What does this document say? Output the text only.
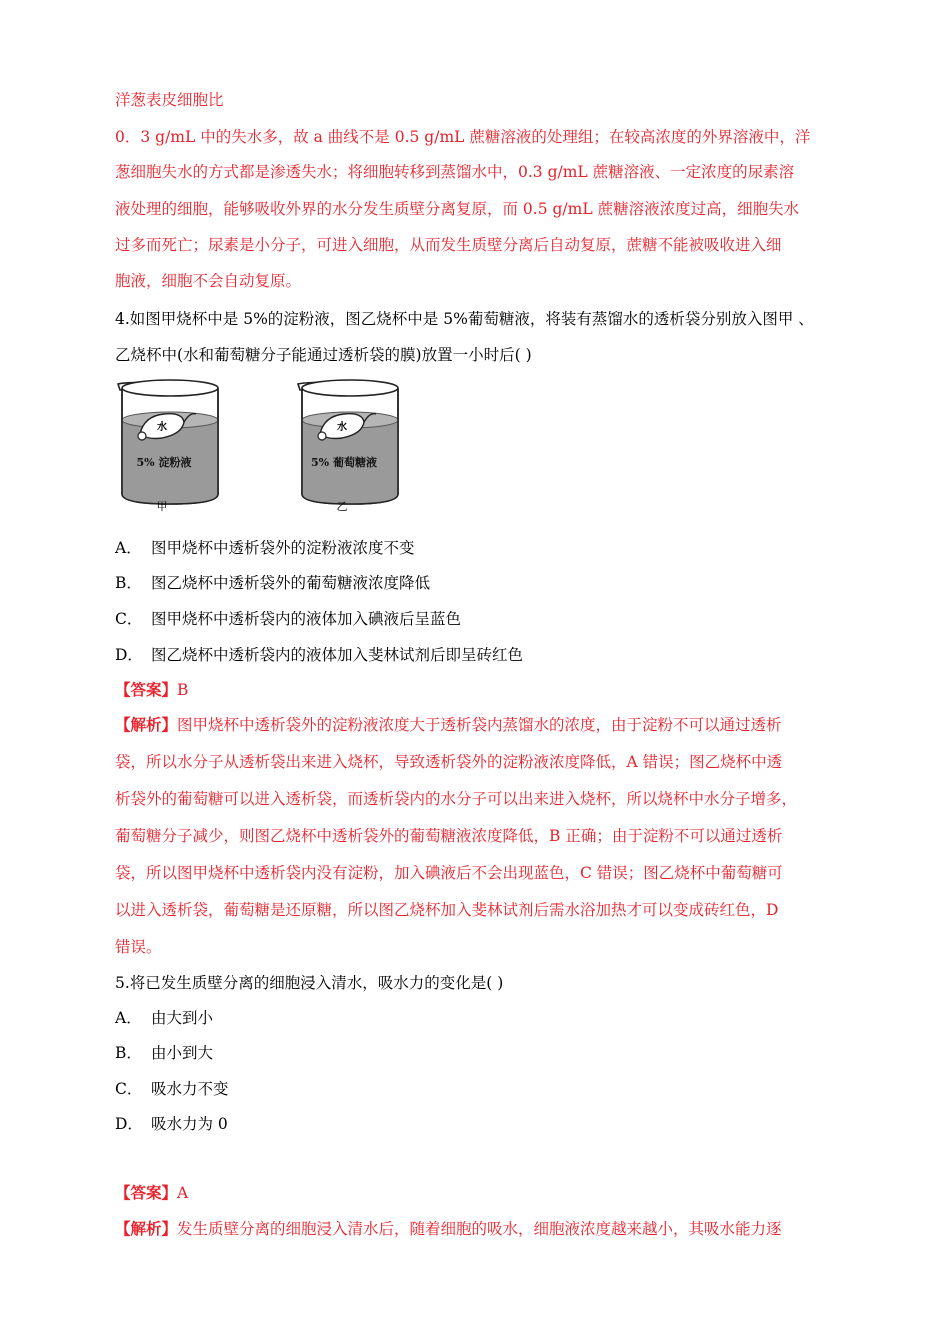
洋葱表皮细胞比
0．3 g/mL 中的失水多，故 a 曲线不是 0.5 g/mL 蔗糖溶液的处理组；在较高浓度的外界溶液中，洋
葱细胞失水的方式都是渗透失水；将细胞转移到蒸馏水中，0.3 g/mL 蔗糖溶液、一定浓度的尿素溶
液处理的细胞，能够吸收外界的水分发生质壁分离复原，而 0.5 g/mL 蔗糖溶液浓度过高，细胞失水
过多而死亡；尿素是小分子，可进入细胞，从而发生质壁分离后自动复原，蔗糖不能被吸收进入细
胞液，细胞不会自动复原。
4.如图甲烧杯中是 5%的淀粉液，图乙烧杯中是 5%葡萄糖液，将装有蒸馏水的透析袋分别放入图甲 、
乙烧杯中(水和葡萄糖分子能通过透析袋的膜)放置一小时后( )
水
5% 淀粉液
甲
水
5% 葡萄糖液
乙
A． 图甲烧杯中透析袋外的淀粉液浓度不变
B． 图乙烧杯中透析袋外的葡萄糖液浓度降低
C． 图甲烧杯中透析袋内的液体加入碘液后呈蓝色
D． 图乙烧杯中透析袋内的液体加入斐林试剂后即呈砖红色
【答案】B
【解析】图甲烧杯中透析袋外的淀粉液浓度大于透析袋内蒸馏水的浓度，由于淀粉不可以通过透析
袋，所以水分子从透析袋出来进入烧杯，导致透析袋外的淀粉液浓度降低，A 错误；图乙烧杯中透
析袋外的葡萄糖可以进入透析袋，而透析袋内的水分子可以出来进入烧杯，所以烧杯中水分子增多，
葡萄糖分子减少，则图乙烧杯中透析袋外的葡萄糖液浓度降低，B 正确；由于淀粉不可以通过透析
袋，所以图甲烧杯中透析袋内没有淀粉，加入碘液后不会出现蓝色，C 错误；图乙烧杯中葡萄糖可
以进入透析袋，葡萄糖是还原糖，所以图乙烧杯加入斐林试剂后需水浴加热才可以变成砖红色，D
错误。
5.将已发生质壁分离的细胞浸入清水，吸水力的变化是( )
A． 由大到小
B． 由小到大
C． 吸水力不变
D． 吸水力为 0
【答案】A
【解析】发生质壁分离的细胞浸入清水后，随着细胞的吸水，细胞液浓度越来越小，其吸水能力逐
